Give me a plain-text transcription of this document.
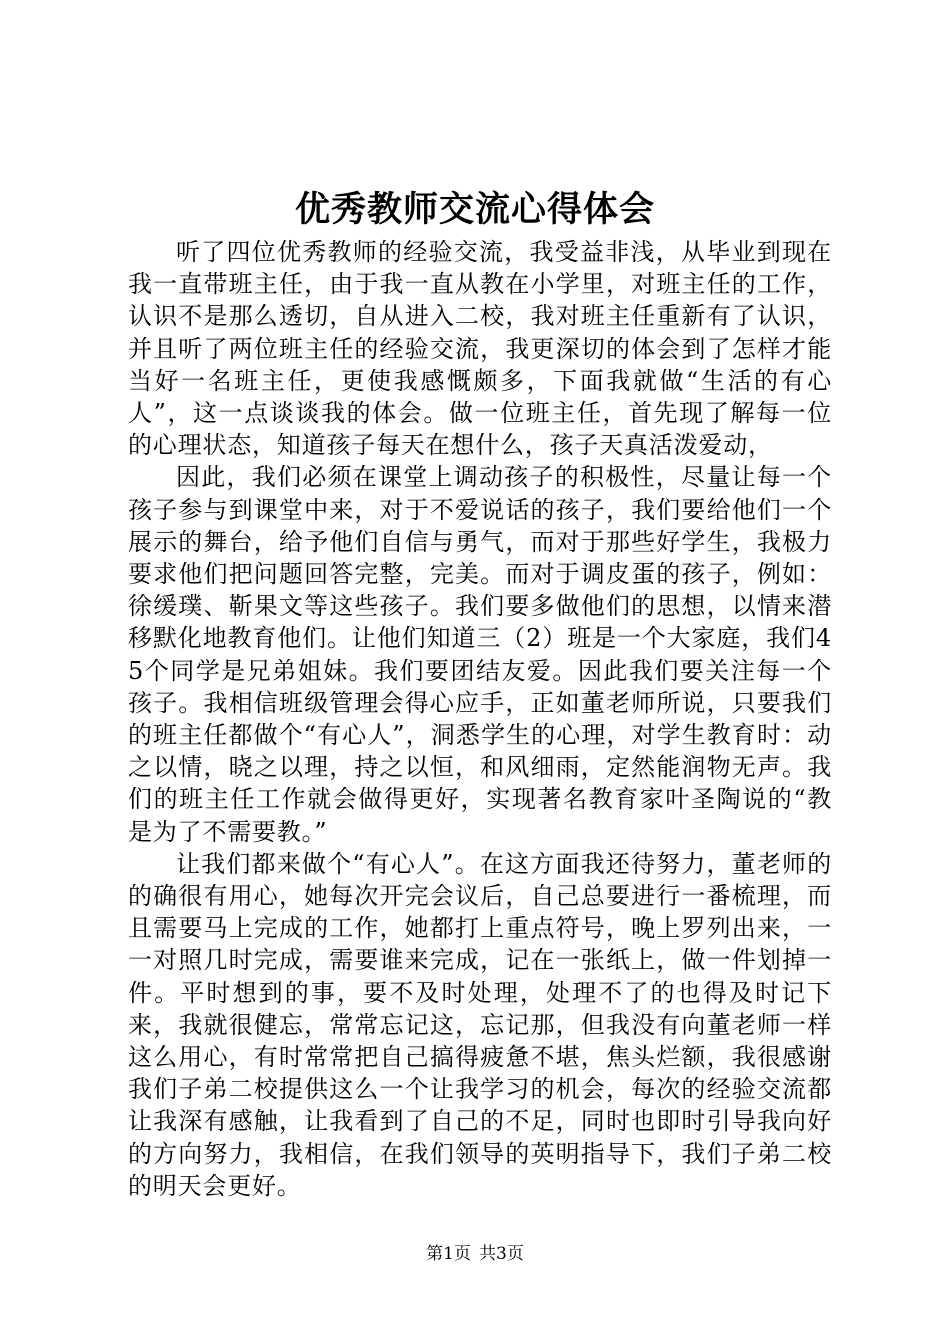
优秀教师交流心得体会

听了四位优秀教师的经验交流，我受益非浅，从毕业到现在我一直带班主任，由于我一直从教在小学里，对班主任的工作，认识不是那么透切，自从进入二校，我对班主任重新有了认识，并且听了两位班主任的经验交流，我更深切的体会到了怎样才能当好一名班主任，更使我感慨颇多，下面我就做“生活的有心人”，这一点谈谈我的体会。做一位班主任，首先现了解每一位的心理状态，知道孩子每天在想什么，孩子天真活泼爱动，

因此，我们必须在课堂上调动孩子的积极性，尽量让每一个孩子参与到课堂中来，对于不爱说话的孩子，我们要给他们一个展示的舞台，给予他们自信与勇气，而对于那些好学生，我极力要求他们把问题回答完整，完美。而对于调皮蛋的孩子，例如：徐缓璞、靳果文等这些孩子。我们要多做他们的思想，以情来潜移默化地教育他们。让他们知道三（2）班是一个大家庭，我们45个同学是兄弟姐妹。我们要团结友爱。因此我们要关注每一个孩子。我相信班级管理会得心应手，正如董老师所说，只要我们的班主任都做个“有心人”，洞悉学生的心理，对学生教育时：动之以情，晓之以理，持之以恒，和风细雨，定然能润物无声。我们的班主任工作就会做得更好，实现著名教育家叶圣陶说的“教是为了不需要教。”

让我们都来做个“有心人”。在这方面我还待努力，董老师的的确很有用心，她每次开完会议后，自己总要进行一番梳理，而且需要马上完成的工作，她都打上重点符号，晚上罗列出来，一一对照几时完成，需要谁来完成，记在一张纸上，做一件划掉一件。平时想到的事，要不及时处理，处理不了的也得及时记下来，我就很健忘，常常忘记这，忘记那，但我没有向董老师一样这么用心，有时常常把自己搞得疲惫不堪，焦头烂额，我很感谢我们子弟二校提供这么一个让我学习的机会，每次的经验交流都让我深有感触，让我看到了自己的不足，同时也即时引导我向好的方向努力，我相信，在我们领导的英明指导下，我们子弟二校的明天会更好。

第1页 共3页
